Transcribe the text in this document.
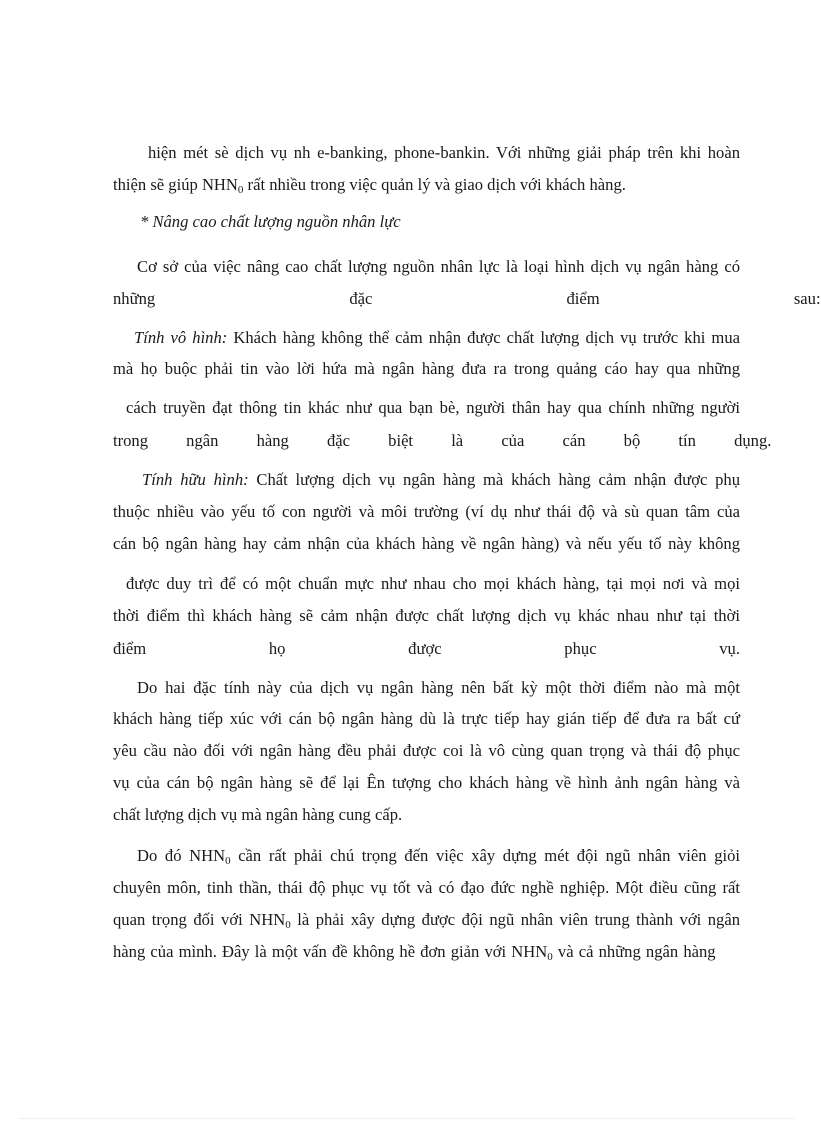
hiện mét sè dịch vụ nh e-banking, phone-bankin. Với những giải pháp trên khi hoàn
thiện sẽ giúp $NHN_0$ rất nhiều trong việc quản lý và giao dịch với khách hàng.
* Nâng cao chất lượng nguồn nhân lực
Cơ sở của việc nâng cao chất lượng nguồn nhân lực là loại hình dịch vụ ngân hàng có
những đặc điểm sau:
Tính vô hình: Khách hàng không thể cảm nhận được chất lượng dịch vụ trước khi mua
mà họ buộc phải tin vào lời hứa mà ngân hàng đưa ra trong quảng cáo hay qua những
cách truyền đạt thông tin khác như qua bạn bè, người thân hay qua chính những người
trong ngân hàng đặc biệt là của cán bộ tín dụng.
Tính hữu hình: Chất lượng dịch vụ ngân hàng mà khách hàng cảm nhận được phụ
thuộc nhiều vào yếu tố con người và môi trường (ví dụ như thái độ và sù quan tâm của
cán bộ ngân hàng hay cảm nhận của khách hàng về ngân hàng) và nếu yếu tố này không
được duy trì để có một chuẩn mực như nhau cho mọi khách hàng, tại mọi nơi và mọi
thời điểm thì khách hàng sẽ cảm nhận được chất lượng dịch vụ khác nhau như tại thời
điểm họ được phục vụ.
Do hai đặc tính này của dịch vụ ngân hàng nên bất kỳ một thời điểm nào mà một
khách hàng tiếp xúc với cán bộ ngân hàng dù là trực tiếp hay gián tiếp để đưa ra bất cứ
yêu cầu nào đối với ngân hàng đều phải được coi là vô cùng quan trọng và thái độ phục
vụ của cán bộ ngân hàng sẽ để lại Ên tượng cho khách hàng về hình ảnh ngân hàng và
chất lượng dịch vụ mà ngân hàng cung cấp.
Do đó $NHN_0$ cần rất phải chú trọng đến việc xây dựng mét đội ngũ nhân viên giỏi
chuyên môn, tinh thần, thái độ phục vụ tốt và có đạo đức nghề nghiệp. Một điều cũng rất
quan trọng đối với $NHN_0$ là phải xây dựng được đội ngũ nhân viên trung thành với ngân
hàng của mình. Đây là một vấn đề không hề đơn giản với $NHN_0$ và cả những ngân hàng
